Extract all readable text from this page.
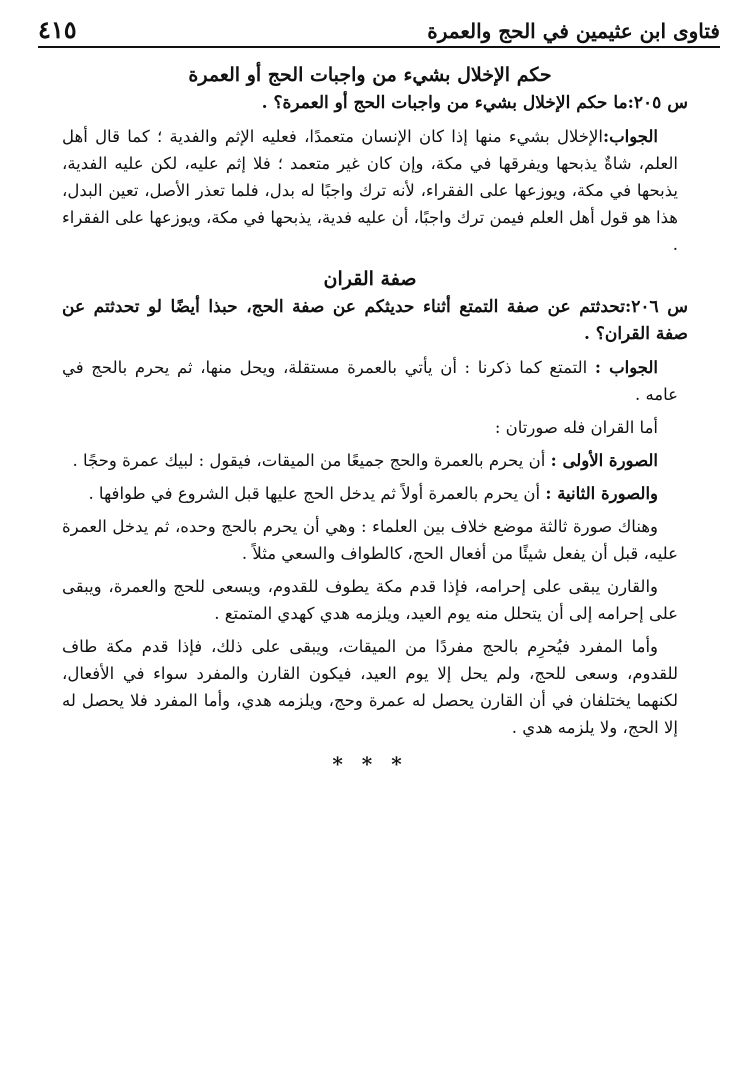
فتاوى ابن عثيمين في الحج والعمرة
٤١٥
حكم الإخلال بشيء من واجبات الحج أو العمرة
س ٢٠٥:ما حكم الإخلال بشيء من واجبات الحج أو العمرة؟ .
الجواب:الإخلال بشيء منها إذا كان الإنسان متعمدًا، فعليه الإثم والفدية ؛ كما قال أهل العلم، شاةٌ يذبحها ويفرقها في مكة، وإن كان غير متعمد ؛ فلا إثم عليه، لكن عليه الفدية، يذبحها في مكة، ويوزعها على الفقراء، لأنه ترك واجبًا له بدل، فلما تعذر الأصل، تعين البدل، هذا هو قول أهل العلم فيمن ترك واجبًا، أن عليه فدية، يذبحها في مكة، ويوزعها على الفقراء .
صفة القران
س ٢٠٦:تحدثتم عن صفة التمتع أثناء حديثكم عن صفة الحج، حبذا أيضًا لو تحدثتم عن صفة القران؟ .
الجواب : التمتع كما ذكرنا : أن يأتي بالعمرة مستقلة، ويحل منها، ثم يحرم بالحج في عامه .
أما القران فله صورتان :
الصورة الأولى : أن يحرم بالعمرة والحج جميعًا من الميقات، فيقول : لبيك عمرة وحجًا .
والصورة الثانية : أن يحرم بالعمرة أولاً ثم يدخل الحج عليها قبل الشروع في طوافها .
وهناك صورة ثالثة موضع خلاف بين العلماء : وهي أن يحرم بالحج وحده، ثم يدخل العمرة عليه، قبل أن يفعل شيئًا من أفعال الحج، كالطواف والسعي مثلاً .
والقارن يبقى على إحرامه، فإذا قدم مكة يطوف للقدوم، ويسعى للحج والعمرة، ويبقى على إحرامه إلى أن يتحلل منه يوم العيد، ويلزمه هدي كهدي المتمتع .
وأما المفرد فيُحرِم بالحج مفردًا من الميقات، ويبقى على ذلك، فإذا قدم مكة طاف للقدوم، وسعى للحج، ولم يحل إلا يوم العيد، فيكون القارن والمفرد سواء في الأفعال، لكنهما يختلفان في أن القارن يحصل له عمرة وحج، ويلزمه هدي، وأما المفرد فلا يحصل له إلا الحج، ولا يلزمه هدي .
* * *
